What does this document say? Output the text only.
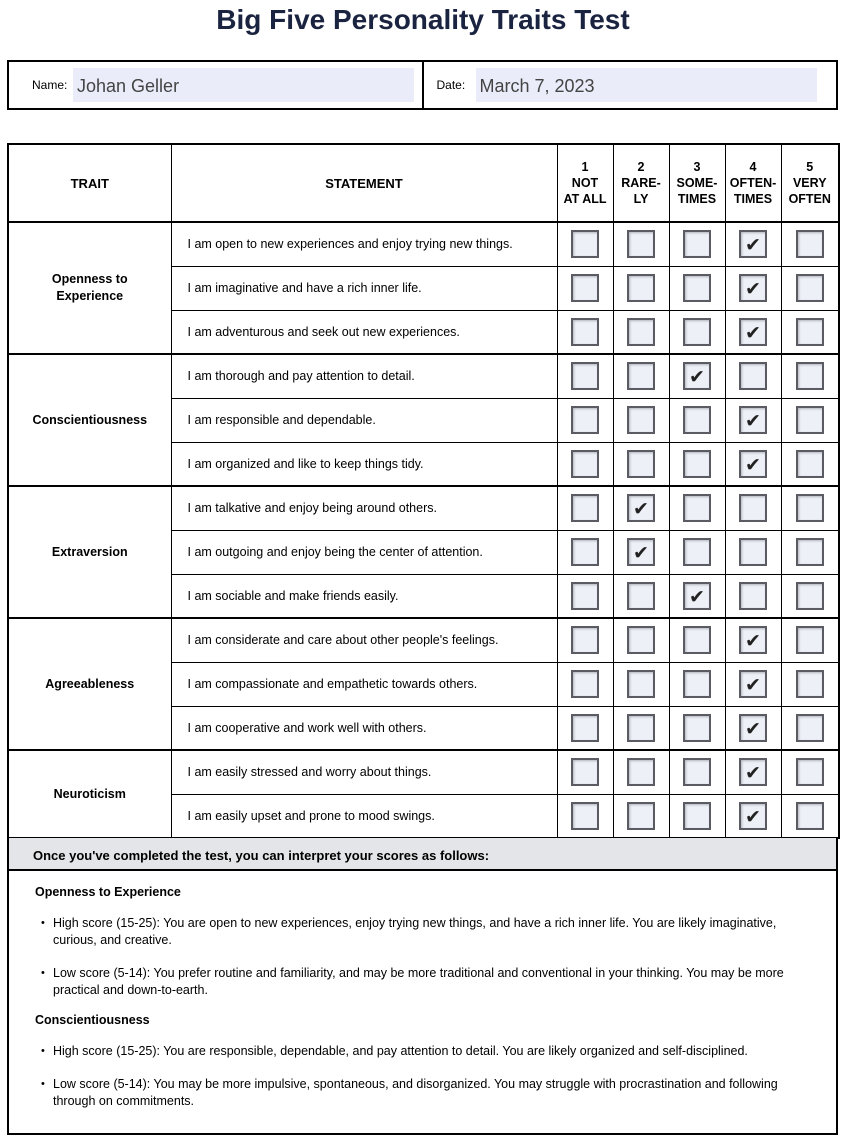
Big Five Personality Traits Test
Name: Johan Geller	Date: March 7, 2023
TRAIT	STATEMENT	1
NOT
AT ALL	2
RARE-
LY	3
SOME-
TIMES	4
OFTEN-
TIMES	5
VERY
OFTEN

Openness to Experience	I am open to new experiences and enjoy trying new things.				✔	

	I am imaginative and have a rich inner life.				✔	

	I am adventurous and seek out new experiences.				✔	

Conscientiousness	I am thorough and pay attention to detail.			✔		

	I am responsible and dependable.				✔	

	I am organized and like to keep things tidy.				✔	

Extraversion	I am talkative and enjoy being around others.		✔			

	I am outgoing and enjoy being the center of attention.		✔			

	I am sociable and make friends easily.			✔		

Agreeableness	I am considerate and care about other people's feelings.				✔	

	I am compassionate and empathetic towards others.				✔	

	I am cooperative and work well with others.				✔	

Neuroticism	I am easily stressed and worry about things.				✔	

	I am easily upset and prone to mood swings.				✔	

Once you've completed the test, you can interpret your scores as follows:
Openness to Experience
• High score (15-25): You are open to new experiences, enjoy trying new things, and have a rich inner life. You are likely imaginative, curious, and creative.
• Low score (5-14): You prefer routine and familiarity, and may be more traditional and conventional in your thinking. You may be more practical and down-to-earth.
Conscientiousness
• High score (15-25): You are responsible, dependable, and pay attention to detail. You are likely organized and self-disciplined.
• Low score (5-14): You may be more impulsive, spontaneous, and disorganized. You may struggle with procrastination and following through on commitments.
